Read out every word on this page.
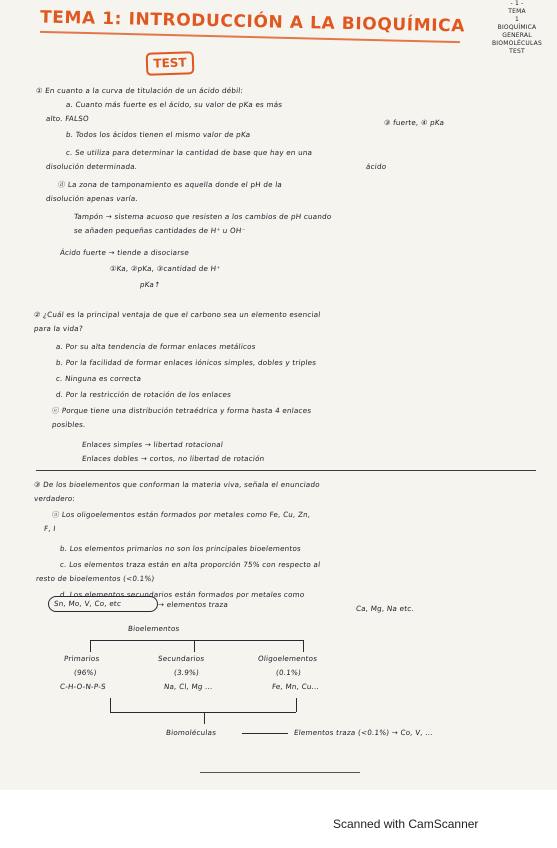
TEMA 1: INTRODUCCIÓN A LA BIOQUÍMICA
TEST
- 1 -
TEMA
1
BIOQUÍMICA
GENERAL
BIOMOLÉCULAS
TEST
① En cuanto a la curva de titulación de un ácido débil:
a. Cuanto más fuerte es el ácido, su valor de pKa es más
alto. FALSO
b. Todos los ácidos tienen el mismo valor de pKa
③ fuerte, ④ pKa
c. Se utiliza para determinar la cantidad de base que hay en una
disolución determinada.	ácido
ⓓ La zona de tamponamiento es aquella donde el pH de la
disolución apenas varía.
Tampón → sistema acuoso que resisten a los cambios de pH cuando
se añaden pequeñas cantidades de H⁺ u OH⁻
Ácido fuerte → tiende a disociarse
①Ka, ②pKa, ③cantidad de H⁺
pKa↑
② ¿Cuál es la principal ventaja de que el carbono sea un elemento esencial
para la vida?
a. Por su alta tendencia de formar enlaces metálicos
b. Por la facilidad de formar enlaces iónicos simples, dobles y triples
c. Ninguna es correcta
d. Por la restricción de rotación de los enlaces
ⓔ Porque tiene una distribución tetraédrica y forma hasta 4 enlaces
posibles.
Enlaces simples → libertad rotacional
Enlaces dobles → cortos, no libertad de rotación
③ De los bioelementos que conforman la materia viva, señala el enunciado
verdadero:
ⓐ Los oligoelementos están formados por metales como Fe, Cu, Zn,
F, I
b. Los elementos primarios no son los principales bioelementos
c. Los elementos traza están en alta proporción 75% con respecto al
resto de bioelementos (<0.1%)
d. Los elementos secundarios están formados por metales como
Ca, Mg, Na etc.
Sn, Mo, V, Co, etc	→ elementos traza
Bioelementos
Primarios
(96%)
C-H-O-N-P-S
Secundarios
(3.9%)
Na, Cl, Mg ...
Oligoelementos
(0.1%)
Fe, Mn, Cu...
Biomoléculas	Elementos traza (<0.1%) → Co, V, ...
Scanned with CamScanner
